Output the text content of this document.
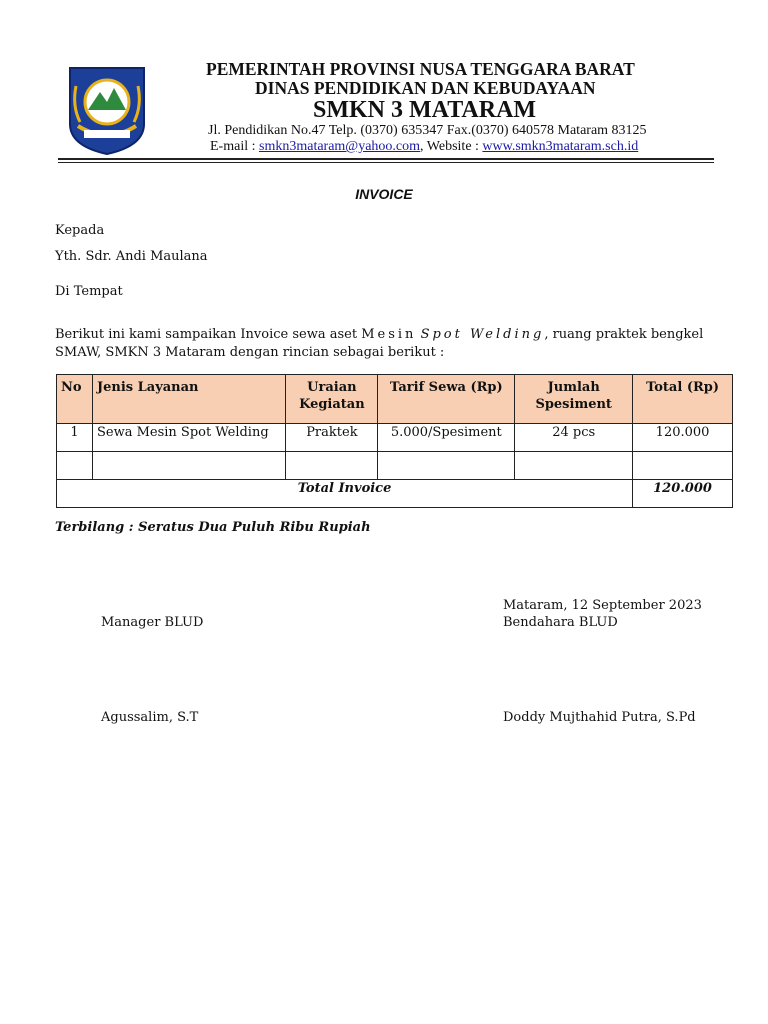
PEMERINTAH PROVINSI NUSA TENGGARA BARAT
DINAS PENDIDIKAN DAN KEBUDAYAAN
SMKN 3 MATARAM
Jl. Pendidikan No.47 Telp. (0370) 635347 Fax.(0370) 640578 Mataram 83125
E-mail : smkn3mataram@yahoo.com, Website : www.smkn3mataram.sch.id
INVOICE
Kepada
Yth. Sdr. Andi Maulana
Di Tempat
Berikut ini kami sampaikan Invoice sewa aset Mesin Spot Welding, ruang praktek bengkel SMAW, SMKN 3 Mataram dengan rincian sebagai berikut :
No	Jenis Layanan	Uraian Kegiatan	Tarif Sewa (Rp)	Jumlah Spesiment	Total (Rp)
1	Sewa Mesin Spot Welding	Praktek	5.000/Spesiment	24 pcs	120.000

Total Invoice					120.000
Terbilang : Seratus Dua Puluh Ribu Rupiah
Mataram, 12 September 2023
Manager BLUD	Bendahara BLUD
Agussalim, S.T	Doddy Mujthahid Putra, S.Pd
